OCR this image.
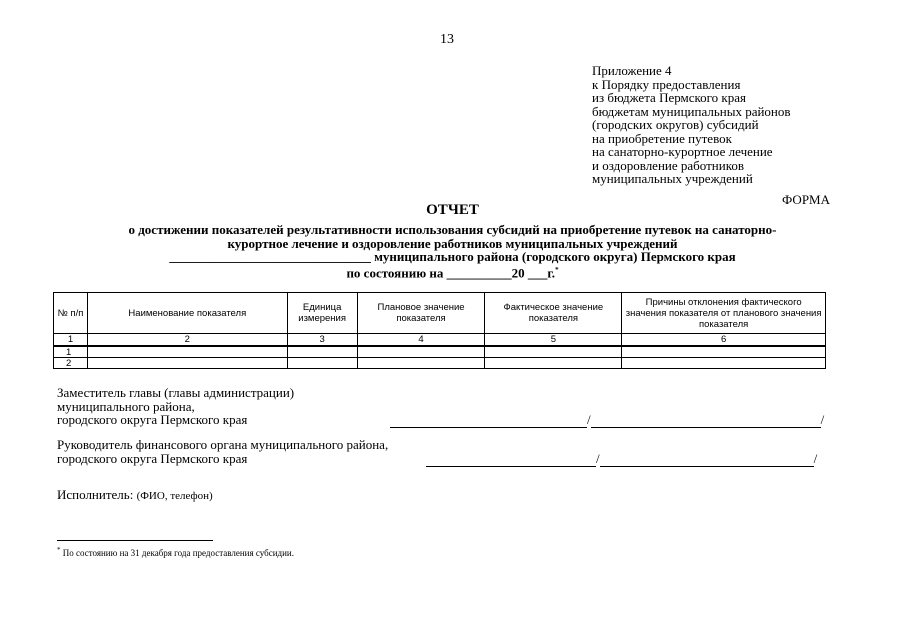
13
Приложение 4
к Порядку предоставления
из бюджета Пермского края
бюджетам муниципальных районов
(городских округов) субсидий
на приобретение путевок
на санаторно-курортное лечение
и оздоровление работников
муниципальных учреждений
ФОРМА
ОТЧЕТ
о достижении показателей результативности использования субсидий на приобретение путевок на санаторно-
курортное лечение и оздоровление работников муниципальных учреждений
_______________________________ муниципального района (городского округа) Пермского края
по состоянию на __________20 ___г.*
№ п/п	Наименование показателя	Единица измерения	Плановое значение показателя	Фактическое значение показателя	Причины отклонения фактического значения показателя от планового значения показателя
1	2	3	4	5	6
1					
2					
Заместитель главы (главы администрации)
муниципального района,
городского округа Пермского края	/	/
Руководитель финансового органа муниципального района,
городского округа Пермского края	/	/
Исполнитель: (ФИО, телефон)
* По состоянию на 31 декабря года предоставления субсидии.
